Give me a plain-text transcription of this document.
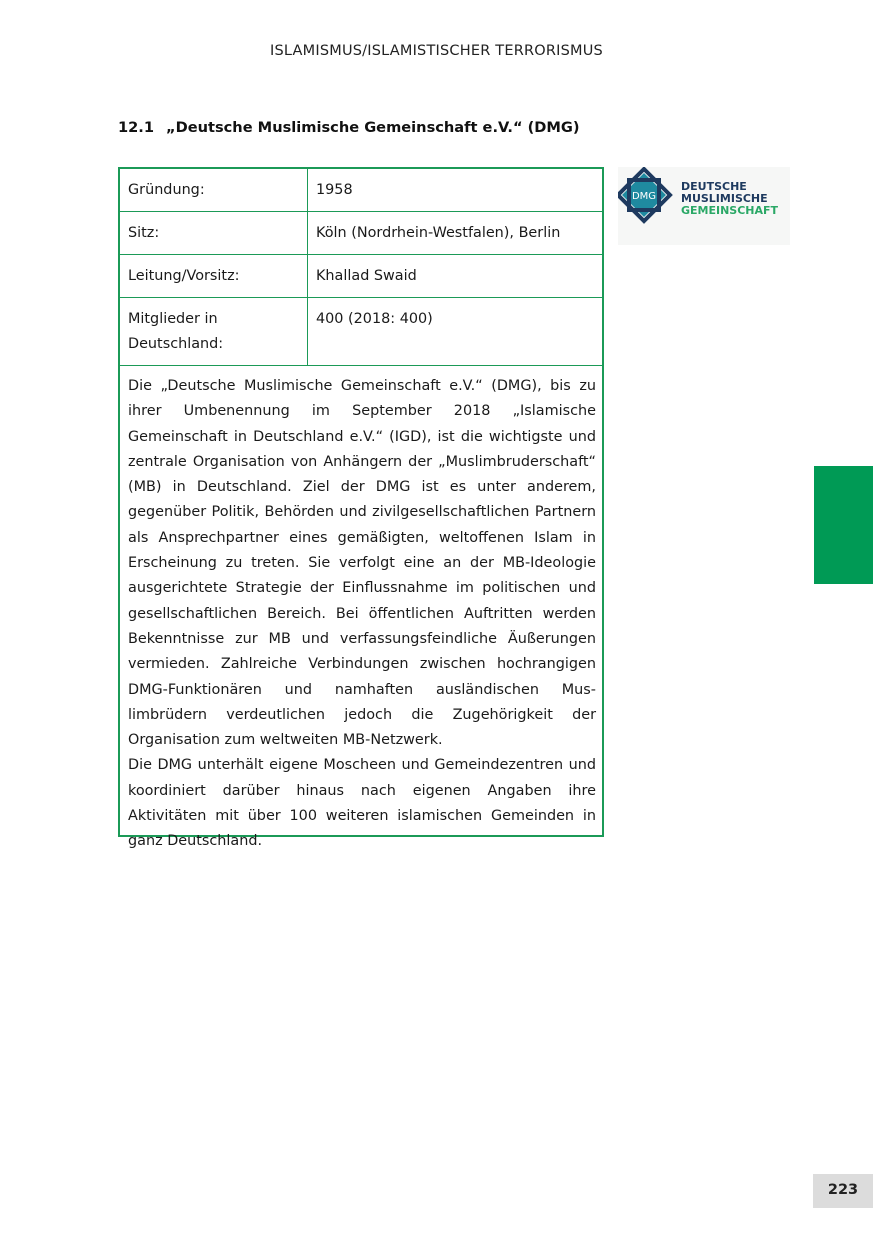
ISLAMISMUS/ISLAMISTISCHER TERRORISMUS
12.1 „Deutsche Muslimische Gemeinschaft e.V.“ (DMG)
Gründung:	1958
Sitz:	Köln (Nordrhein-Westfalen), Berlin
Leitung/Vorsitz:	Khallad Swaid
Mitglieder in Deutschland:
400 (2018: 400)

Die „Deutsche Muslimische Gemeinschaft e.V.“ (DMG), bis zu ihrer Umbenennung im September 2018 „Islamische Gemeinschaft in Deutschland e.V.“ (IGD), ist die wichtigste und zentrale Organisation von Anhängern der „Muslimbruderschaft“ (MB) in Deutschland. Ziel der DMG ist es unter anderem, gegenüber Politik, Behörden und zivilgesellschaftlichen Partnern als Ansprechpartner eines gemäßigten, weltoffenen Islam in Erscheinung zu treten. Sie verfolgt eine an der MB-Ideologie ausgerichtete Strategie der Einflussnahme im politischen und gesellschaftlichen Bereich. Bei öffentlichen Auftritten werden Bekenntnisse zur MB und verfassungsfeindliche Äußerungen vermieden. Zahlreiche Verbindungen zwischen hochrangigen DMG-Funktionären und namhaften ausländischen Muslimbrüdern verdeutlichen jedoch die Zugehörigkeit der Organisation zum weltweiten MB-Netzwerk.

Die DMG unterhält eigene Moscheen und Gemeindezentren und koordiniert darüber hinaus nach eigenen Angaben ihre Aktivitäten mit über 100 weiteren islamischen Gemeinden in ganz Deutschland.

DMG
DEUTSCHE
MUSLIMISCHE
GEMEINSCHAFT
223
